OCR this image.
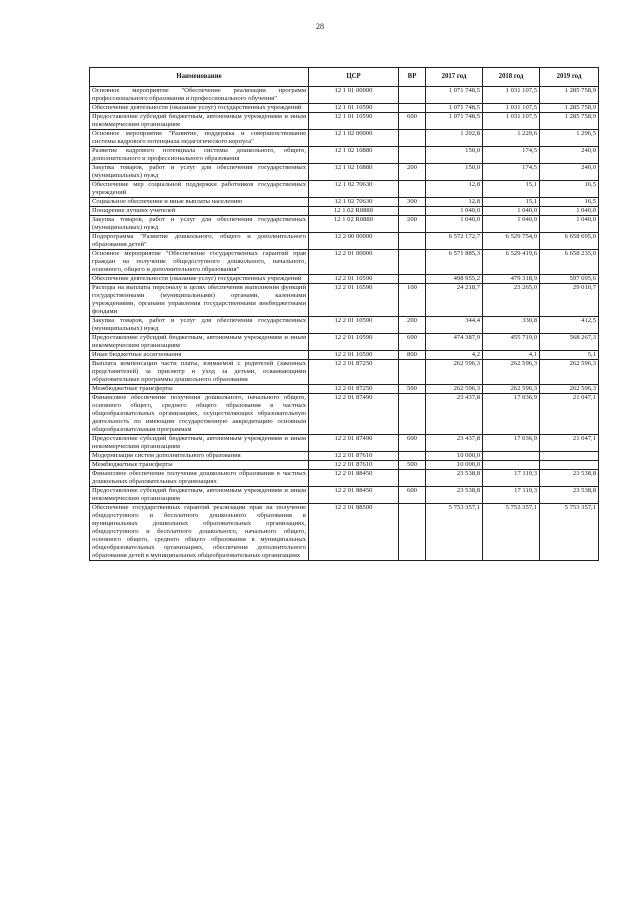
28
Наименование	ЦСР	ВР	2017 год	2018 год	2019 год
Основное мероприятие "Обеспечение реализации программ профессионального образования и профессионального обучения"	12 1 01 00000		1 071 748,5	1 031 107,5	1 285 758,9
Обеспечение деятельности (оказание услуг) государственных учреждений	12 1 01 10590		1 071 748,5	1 031 107,5	1 285 758,9
Предоставление субсидий бюджетным, автономным учреждениям и иным некоммерческим организациям	12 1 01 10590	600	1 071 748,5	1 031 107,5	1 285 758,9
Основное мероприятие "Развитие, поддержка и совершенствование системы кадрового потенциала педагогического корпуса"	12 1 02 00000		1 202,8	1 229,6	1 296,5
Развитие кадрового потенциала системы дошкольного, общего, дополнительного и профессионального образования	12 1 02 10880		150,0	174,5	240,0
Закупка товаров, работ и услуг для обеспечения государственных (муниципальных) нужд	12 1 02 10880	200	150,0	174,5	240,0
Обеспечение мер социальной поддержки работников государственных учреждений	12 1 02 70630		12,8	15,1	16,5
Социальное обеспечение и иные выплаты населению	12 1 02 70630	300	12,8	15,1	16,5
Поощрение лучших учителей	12 1 02 R0880		1 040,0	1 040,0	1 040,0
Закупка товаров, работ и услуг для обеспечения государственных (муниципальных) нужд	12 1 02 R0880	200	1 040,0	1 040,0	1 040,0
Подпрограмма "Развитие дошкольного, общего и дополнительного образования детей"	12 2 00 00000		6 572 172,7	6 529 754,0	6 658 695,0
Основное мероприятие "Обеспечение государственных гарантий прав граждан на получение общедоступного дошкольного, начального, основного, общего и дополнительного образования"	12 2 01 00000		6 571 885,3	6 529 419,6	6 658 235,0
Обеспечение деятельности (оказание услуг) государственных учреждений	12 2 01 10590		498 955,2	479 318,9	597 695,6
Расходы на выплаты персоналу в целях обеспечения выполнения функций государственными (муниципальными) органами, казенными учреждениями, органами управления государственными внебюджетными фондами	12 2 01 10590	100	24 218,7	23 265,0	29 010,7
Закупка товаров, работ и услуг для обеспечения государственных (муниципальных) нужд	12 2 01 10590	200	344,4	330,8	412,5
Предоставление субсидий бюджетным, автономным учреждениям и иным некоммерческим организациям	12 2 01 10590	600	474 387,9	455 719,0	568 267,3
Иные бюджетные ассигнования	12 2 01 10590	800	4,2	4,1	5,1
Выплата компенсации части платы, взимаемой с родителей (законных представителей) за присмотр и уход за детьми, осваивающими образовательные программы дошкольного образования	12 2 01 87250		262 596,3	262 596,3	262 596,3
Межбюджетные трансферты	12 2 01 87250	500	262 596,3	262 596,3	262 596,3
Финансовое обеспечение получения дошкольного, начального общего, основного общего, среднего общего образования в частных общеобразовательных организациях, осуществляющих образовательную деятельность по имеющим государственную аккредитацию основным общеобразовательным программам	12 2 01 87490		23 437,8	17 036,9	21 047,1
Предоставление субсидий бюджетным, автономным учреждениям и иным некоммерческим организациям	12 2 01 87490	600	23 437,8	17 036,9	21 047,1
Модернизация систем дополнительного образования	12 2 01 87610		10 000,0		
Межбюджетные трансферты	12 2 01 87610	500	10 000,0		
Финансовое обеспечение получения дошкольного образования в частных дошкольных образовательных организациях	12 2 01 88450		23 538,8	17 110,3	23 538,8
Предоставление субсидий бюджетным, автономным учреждениям и иным некоммерческим организациям	12 2 01 88450	600	23 538,8	17 110,3	23 538,8
Обеспечение государственных гарантий реализации прав на получение общедоступного и бесплатного дошкольного образования в муниципальных дошкольных образовательных организациях, общедоступного и бесплатного дошкольного, начального общего, основного общего, среднего общего образования в муниципальных общеобразовательных организациях, обеспечение дополнительного образования детей в муниципальных общеобразовательных организациях	12 2 01 88500		5 753 357,1	5 753 357,1	5 753 357,1
